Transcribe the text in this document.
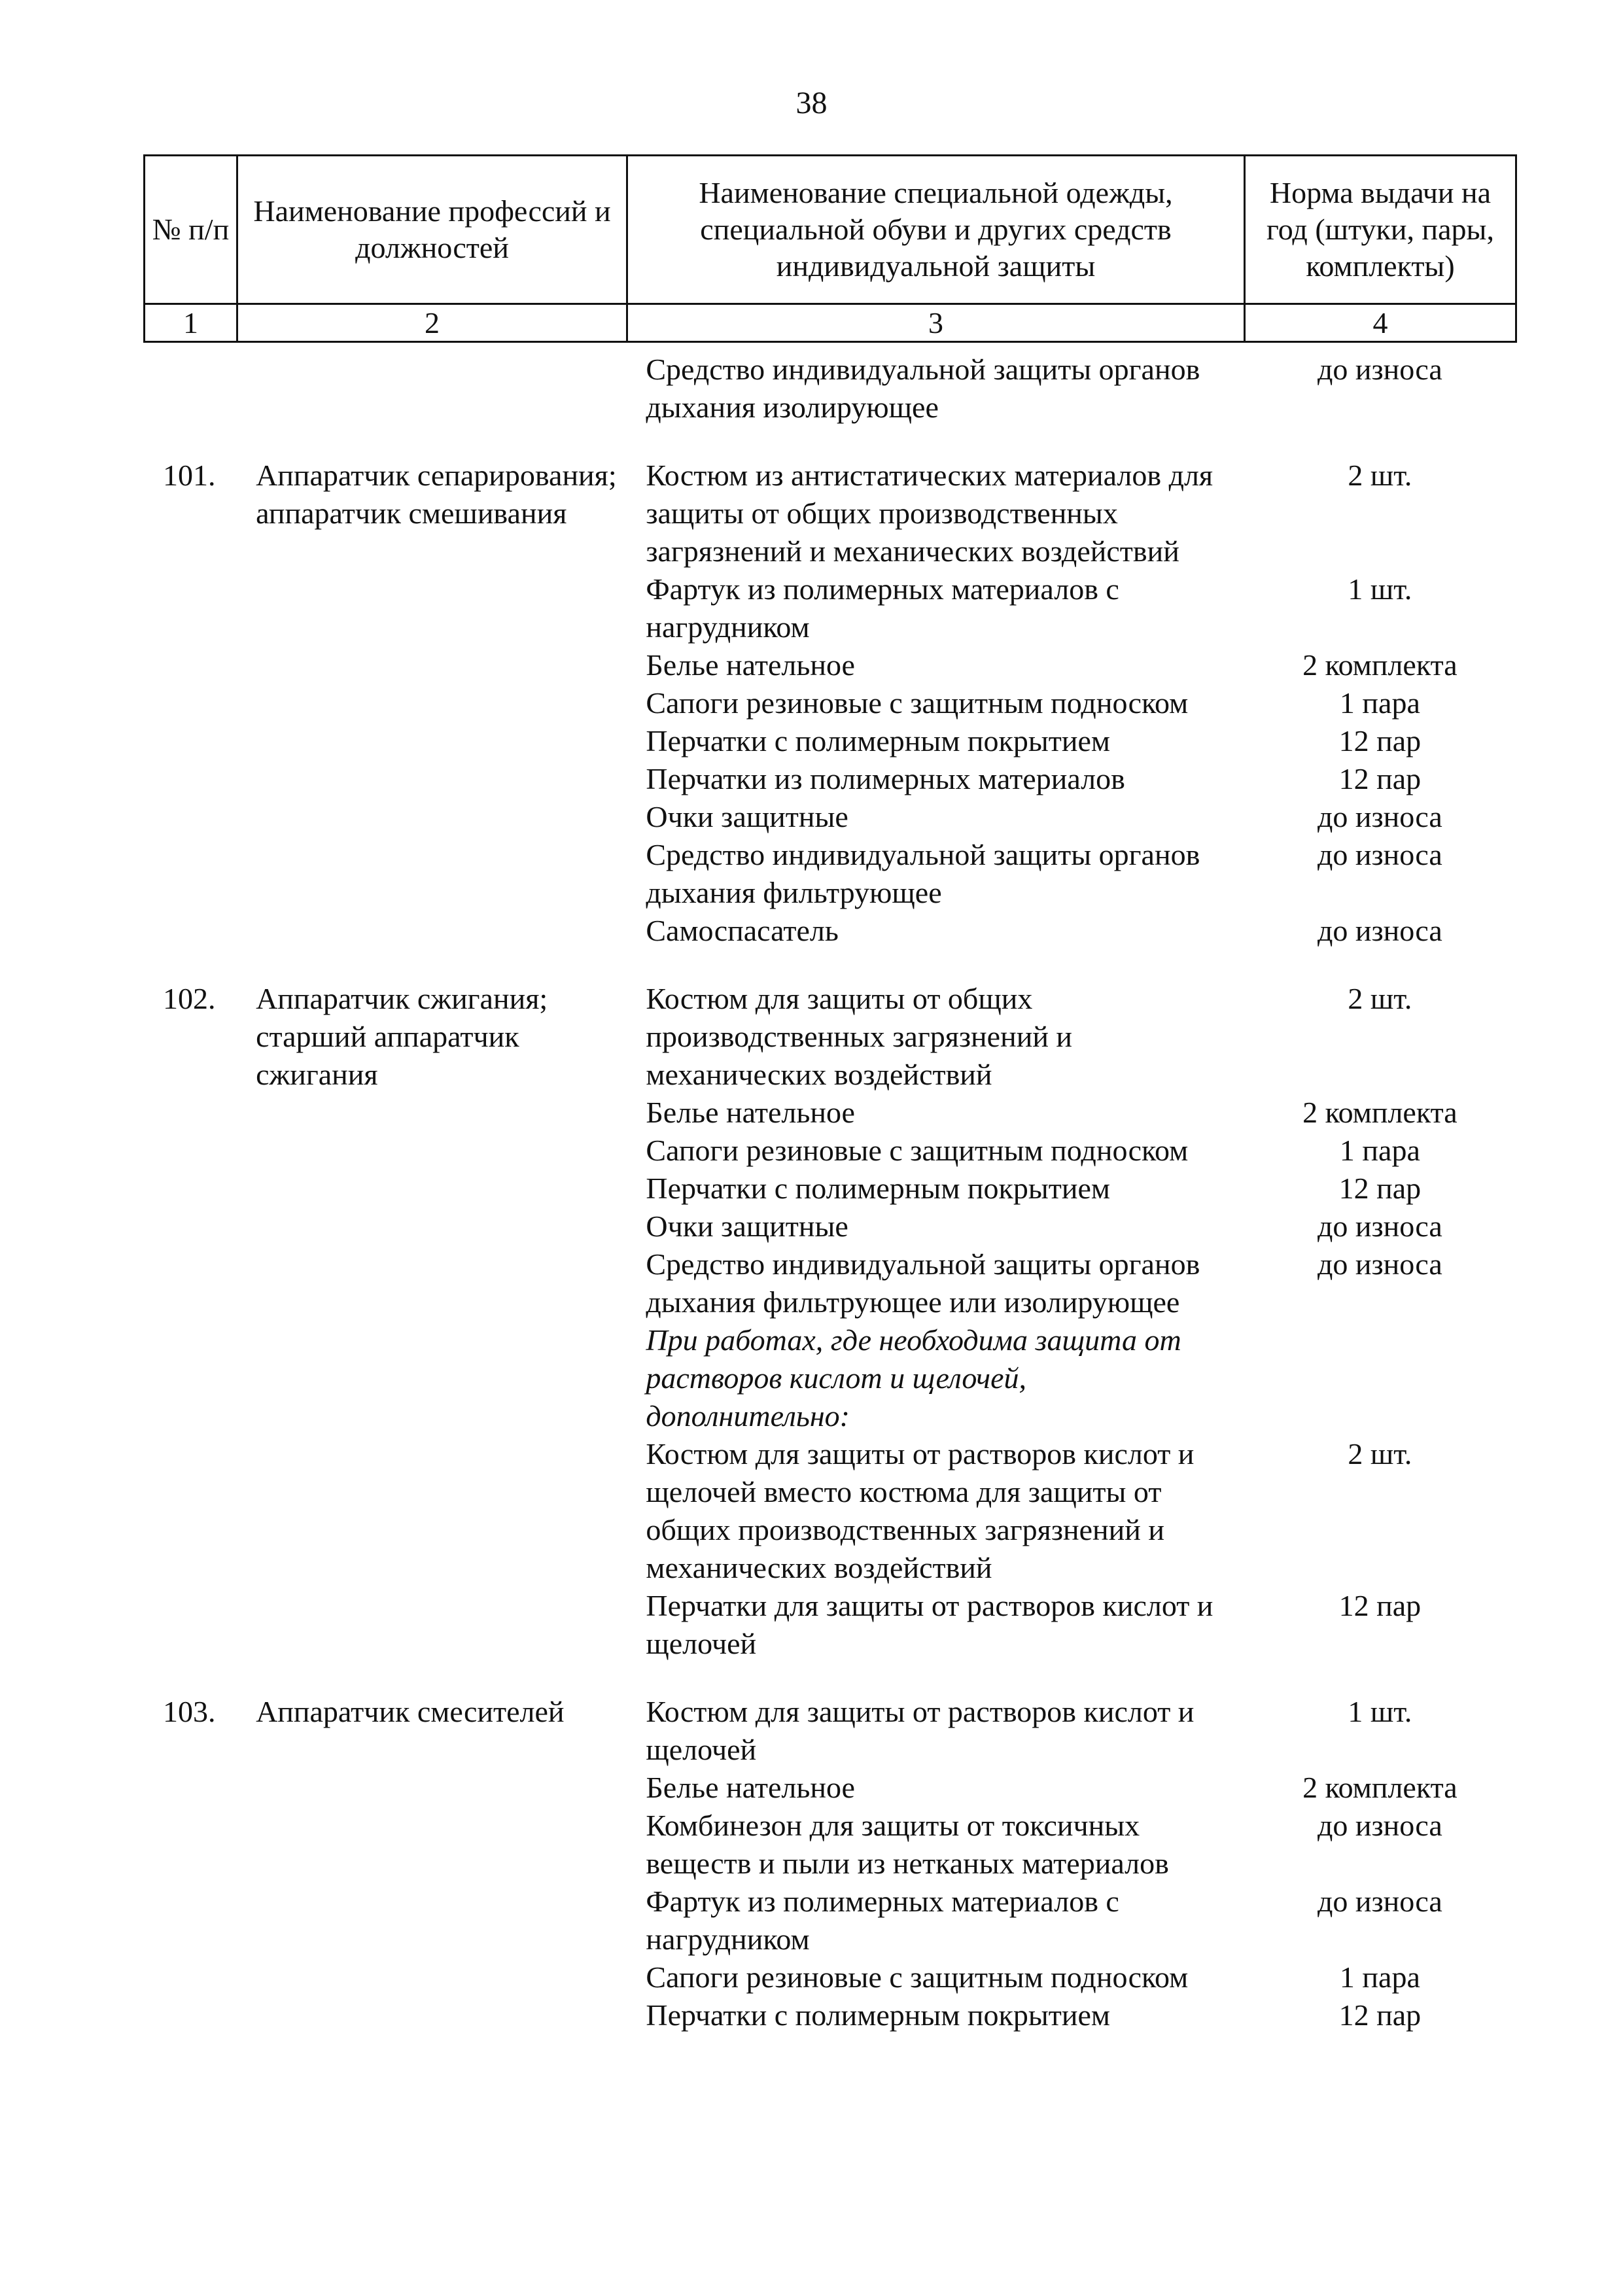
38
№ п/п	Наименование профессий и должностей	Наименование специальной одежды, специальной обуви и других средств индивидуальной защиты	Норма выдачи на год (штуки, пары, комплекты)
1	2	3	4
		Средство индивидуальной защиты органов дыхания изолирующее	до износа

101.	Аппаратчик сепарирования; аппаратчик смешивания	Костюм из антистатических материалов для защиты от общих производственных загрязнений и механических воздействий	2 шт.
		Фартук из полимерных материалов с нагрудником	1 шт.
		Белье нательное	2 комплекта
		Сапоги резиновые с защитным подноском	1 пара
		Перчатки с полимерным покрытием	12 пар
		Перчатки из полимерных материалов	12 пар
		Очки защитные	до износа
		Средство индивидуальной защиты органов дыхания фильтрующее	до износа
		Самоспасатель	до износа

102.	Аппаратчик сжигания; старший аппаратчик сжигания	Костюм для защиты от общих производственных загрязнений и механических воздействий	2 шт.
		Белье нательное	2 комплекта
		Сапоги резиновые с защитным подноском	1 пара
		Перчатки с полимерным покрытием	12 пар
		Очки защитные	до износа
		Средство индивидуальной защиты органов дыхания фильтрующее или изолирующее	до износа
		При работах, где необходима защита от растворов кислот и щелочей, дополнительно:	
		Костюм для защиты от растворов кислот и щелочей вместо костюма для защиты от общих производственных загрязнений и механических воздействий	2 шт.
		Перчатки для защиты от растворов кислот и щелочей	12 пар

103.	Аппаратчик смесителей	Костюм для защиты от растворов кислот и щелочей	1 шт.
		Белье нательное	2 комплекта
		Комбинезон для защиты от токсичных веществ и пыли из нетканых материалов	до износа
		Фартук из полимерных материалов с нагрудником	до износа
		Сапоги резиновые с защитным подноском	1 пара
		Перчатки с полимерным покрытием	12 пар
